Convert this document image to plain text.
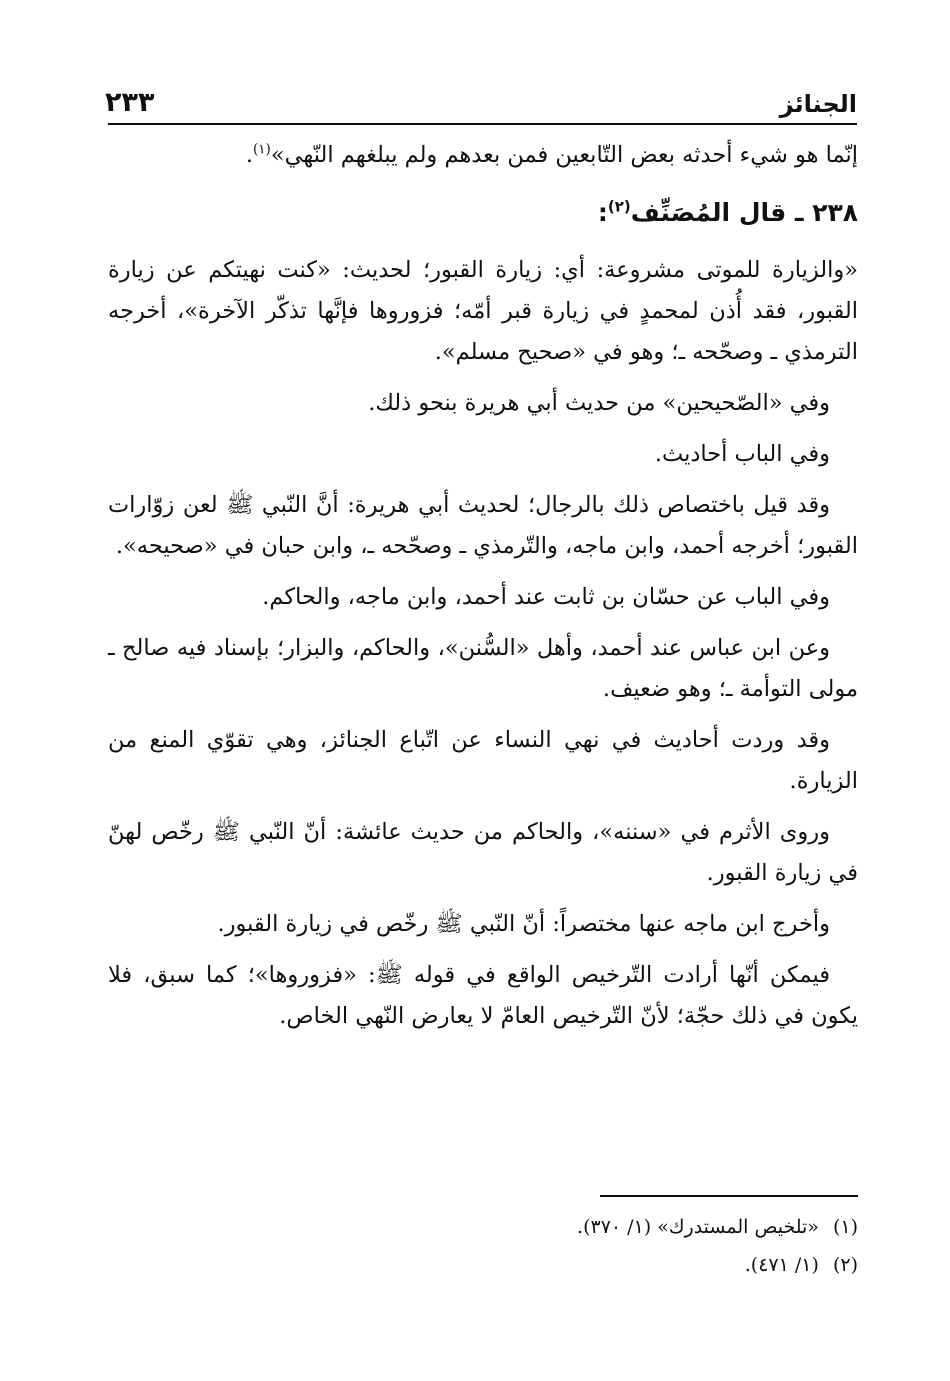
الجنائز
٢٣٣

إنّما هو شيء أحدثه بعض التّابعين فمن بعدهم ولم يبلغهم النّهي»$^{(١)}$.

٢٣٨ ـ قال المُصَنِّف$^{(٢)}$:

«والزيارة للموتى مشروعة: أي: زيارة القبور؛ لحديث: «كنت نهيتكم عن زيارة القبور، فقد أُذن لمحمدٍ في زيارة قبر أمّه؛ فزوروها فإنَّها تذكّر الآخرة»، أخرجه الترمذي ـ وصحّحه ـ؛ وهو في «صحيح مسلم».

وفي «الصّحيحين» من حديث أبي هريرة بنحو ذلك.

وفي الباب أحاديث.

وقد قيل باختصاص ذلك بالرجال؛ لحديث أبي هريرة: أنَّ النّبي ﷺ لعن زوّارات القبور؛ أخرجه أحمد، وابن ماجه، والتّرمذي ـ وصحّحه ـ، وابن حبان في «صحيحه».

وفي الباب عن حسّان بن ثابت عند أحمد، وابن ماجه، والحاكم.

وعن ابن عباس عند أحمد، وأهل «السُّنن»، والحاكم، والبزار؛ بإسناد فيه صالح ـ مولى التوأمة ـ؛ وهو ضعيف.

وقد وردت أحاديث في نهي النساء عن اتّباع الجنائز، وهي تقوّي المنع من الزيارة.

وروى الأثرم في «سننه»، والحاكم من حديث عائشة: أنّ النّبي ﷺ رخّص لهنّ في زيارة القبور.

وأخرج ابن ماجه عنها مختصراً: أنّ النّبي ﷺ رخّص في زيارة القبور.

فيمكن أنّها أرادت التّرخيص الواقع في قوله ﷺ: «فزوروها»؛ كما سبق، فلا يكون في ذلك حجّة؛ لأنّ التّرخيص العامّ لا يعارض النّهي الخاص.

(١)«تلخيص المستدرك» (١/ ٣٧٠).
(٢)(١/ ٤٧١).
